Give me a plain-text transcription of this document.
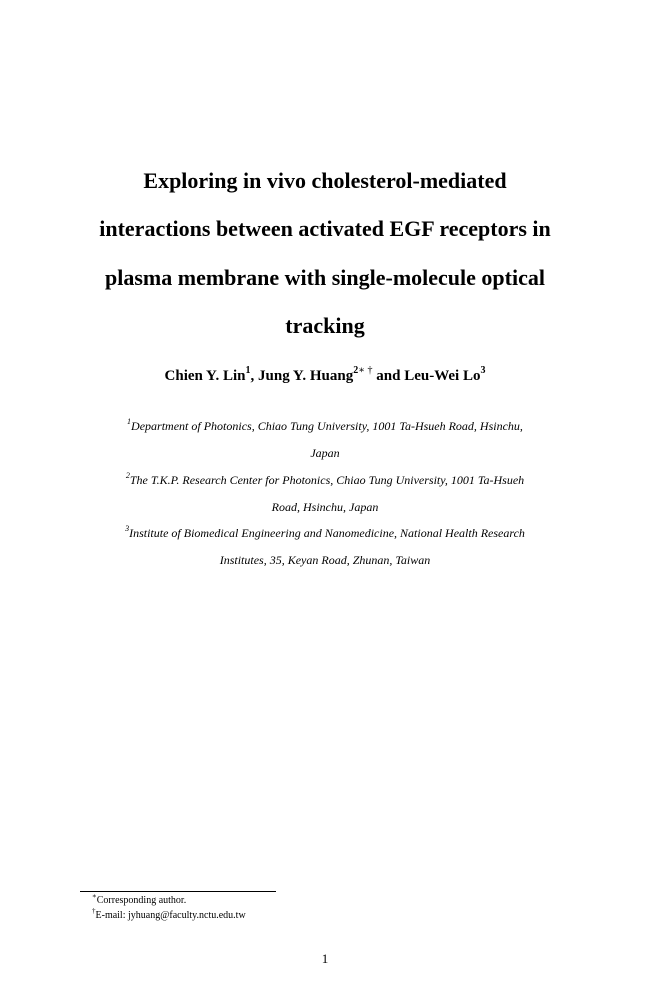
Exploring in vivo cholesterol-mediated
interactions between activated EGF receptors in
plasma membrane with single-molecule optical
tracking
Chien Y. Lin$^1$, Jung Y. Huang$^{2∗ \dagger}$ and Leu-Wei Lo$^3$
$^1$Department of Photonics, Chiao Tung University, 1001 Ta-Hsueh Road, Hsinchu,
Japan
$^2$The T.K.P. Research Center for Photonics, Chiao Tung University, 1001 Ta-Hsueh
Road, Hsinchu, Japan
$^3$Institute of Biomedical Engineering and Nanomedicine, National Health Research
Institutes, 35, Keyan Road, Zhunan, Taiwan
∗Corresponding author.
†E-mail: jyhuang@faculty.nctu.edu.tw
1
